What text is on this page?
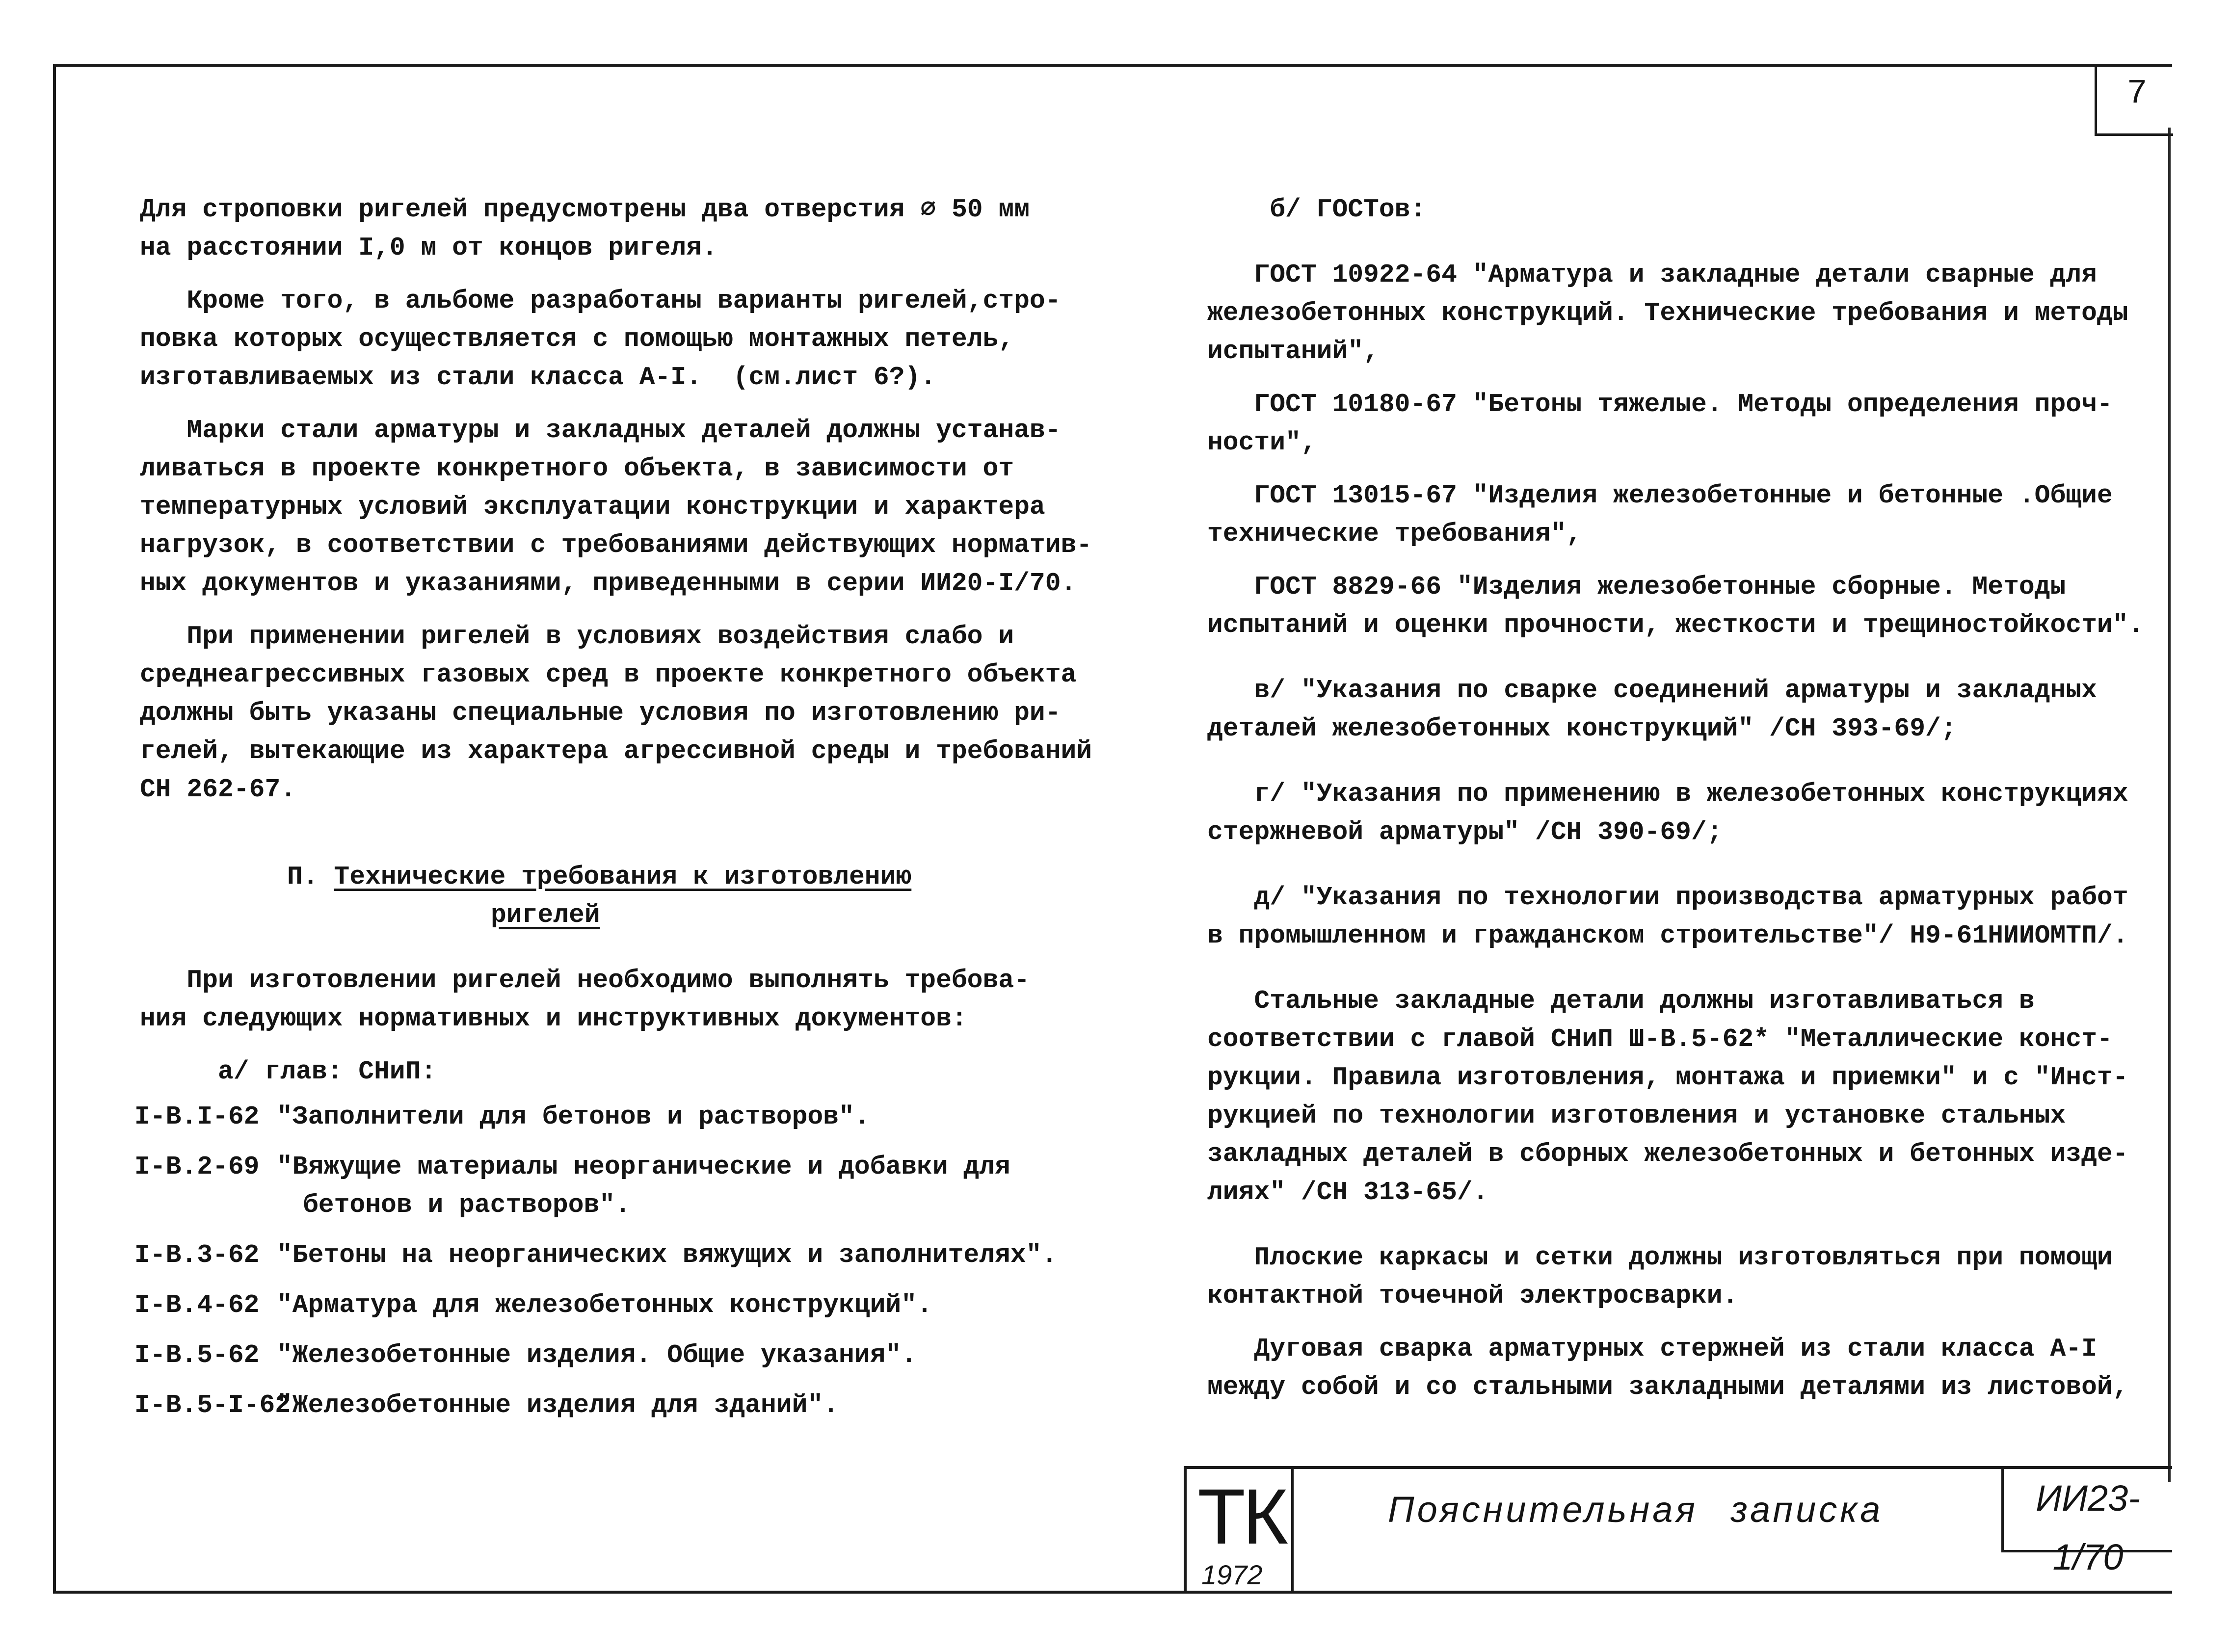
7

Для строповки ригелей предусмотрены два отверстия ∅ 50 мм

на расстоянии I,0 м от концов ригеля.

Кроме того, в альбоме разработаны варианты ригелей,стро-

повка которых осуществляется с помощью монтажных петель,

изготавливаемых из стали класса А-I.  (см.лист 6?).

Марки стали арматуры и закладных деталей должны устанав-

ливаться в проекте конкретного объекта, в зависимости от

температурных условий эксплуатации конструкции и характера

нагрузок, в соответствии с требованиями действующих норматив-

ных документов и указаниями, приведенными в серии ИИ20-I/70.

При применении ригелей в условиях воздействия слабо и

среднеагрессивных газовых сред в проекте конкретного объекта

должны быть указаны специальные условия по изготовлению ри-

гелей, вытекающие из характера агрессивной среды и требований

СН 262-67.

П. Технические требования к изготовлению

ригелей

При изготовлении ригелей необходимо выполнять требова-

ния следующих нормативных и инструктивных документов:

а/ глав: СНиП:

I-В.I-62 "Заполнители для бетонов и растворов".
I-В.2-69 "Вяжущие материалы неорганические и добавки для

бетонов и растворов".

I-В.3-62 "Бетоны на неорганических вяжущих и заполнителях".
I-В.4-62 "Арматура для железобетонных конструкций".
I-В.5-62 "Железобетонные изделия. Общие указания".
I-В.5-I-62
"Железобетонные изделия для зданий".

б/ ГОСТов:

ГОСТ 10922-64 "Арматура и закладные детали сварные для

железобетонных конструкций. Технические требования и методы

испытаний",

ГОСТ 10180-67 "Бетоны тяжелые. Методы определения проч-

ности",

ГОСТ 13015-67 "Изделия железобетонные и бетонные .Общие

технические требования",

ГОСТ 8829-66 "Изделия железобетонные сборные. Методы

испытаний и оценки прочности, жесткости и трещиностойкости".

в/ "Указания по сварке соединений арматуры и закладных

деталей железобетонных конструкций" /СН 393-69/;

г/ "Указания по применению в железобетонных конструкциях

стержневой арматуры" /СН 390-69/;

д/ "Указания по технологии производства арматурных работ

в промышленном и гражданском строительстве"/ Н9-61НИИОМТП/.

Стальные закладные детали должны изготавливаться в

соответствии с главой СНиП Ш-В.5-62* "Металлические конст-

рукции. Правила изготовления, монтажа и приемки" и с "Инст-

рукцией по технологии изготовления и установке стальных

закладных деталей в сборных железобетонных и бетонных изде-

лиях" /СН 313-65/.

Плоские каркасы и сетки должны изготовляться при помощи

контактной точечной электросварки.

Дуговая сварка арматурных стержней из стали класса А-I

между собой и со стальными закладными деталями из листовой,

ТК
1972
Пояснительная записка	ИИ23-1/70
